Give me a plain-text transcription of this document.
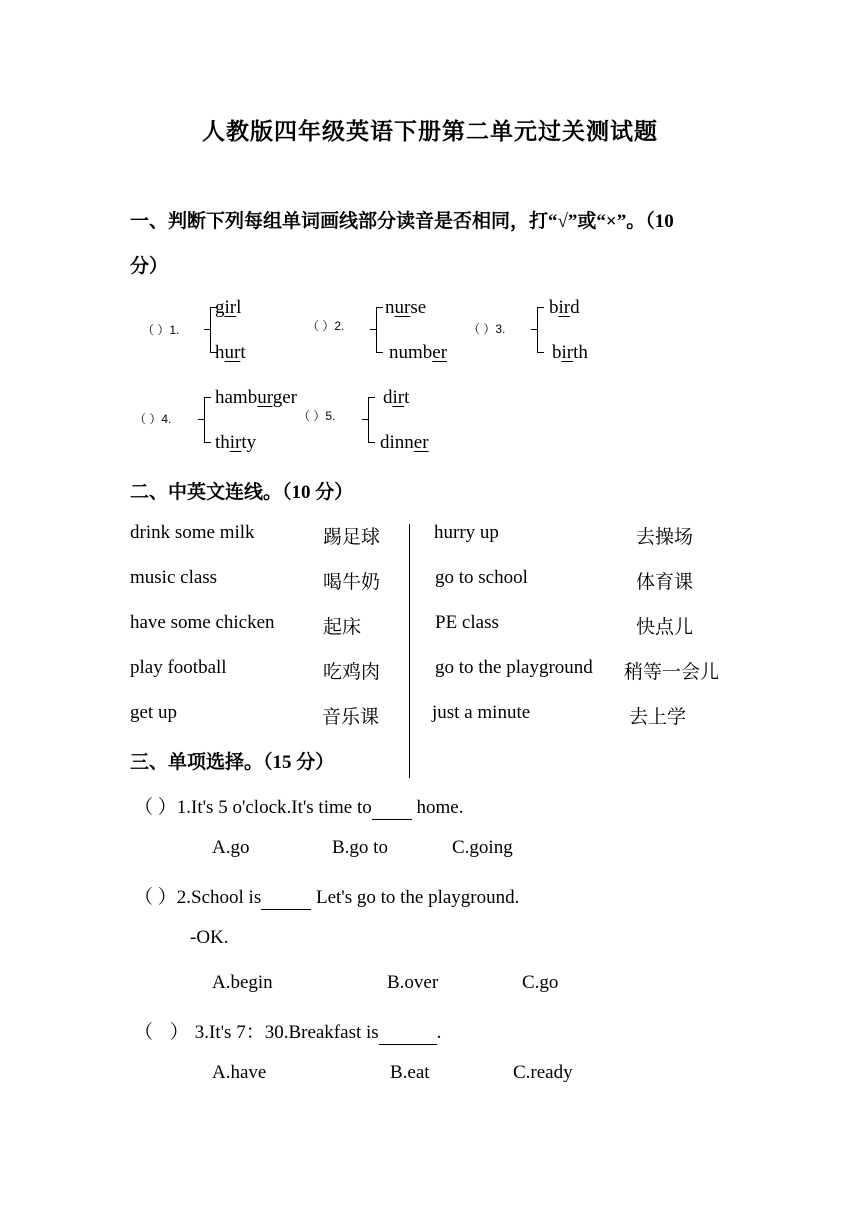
人教版四年级英语下册第二单元过关测试题
一、判断下列每组单词画线部分读音是否相同，打“√”或“×”。（10
分）
（ ）1.
girl
hurt
（ ）2.
nurse
number
（ ）3.
bird
birth
（ ）4.
hamburger
thirty
（ ）5.
dirt
dinner
二、中英文连线。（10 分）
drink some milk	踢足球
music class	喝牛奶
have some chicken	起床
play football	吃鸡肉
get up	音乐课
hurry up	去操场
go to school	体育课
PE class	快点儿
go to the playground 稍等一会儿
just a minute	去上学
三、单项选择。（15 分）
（ ）1.It's 5 o'clock.It's time to home.
A.go	B.go to	C.going
（ ）2.School is	Let's go to the playground.
-OK.
A.begin	B.over	C.go
（ ）3.It's 7：30.Breakfast is	.
A.have	B.eat	C.ready
